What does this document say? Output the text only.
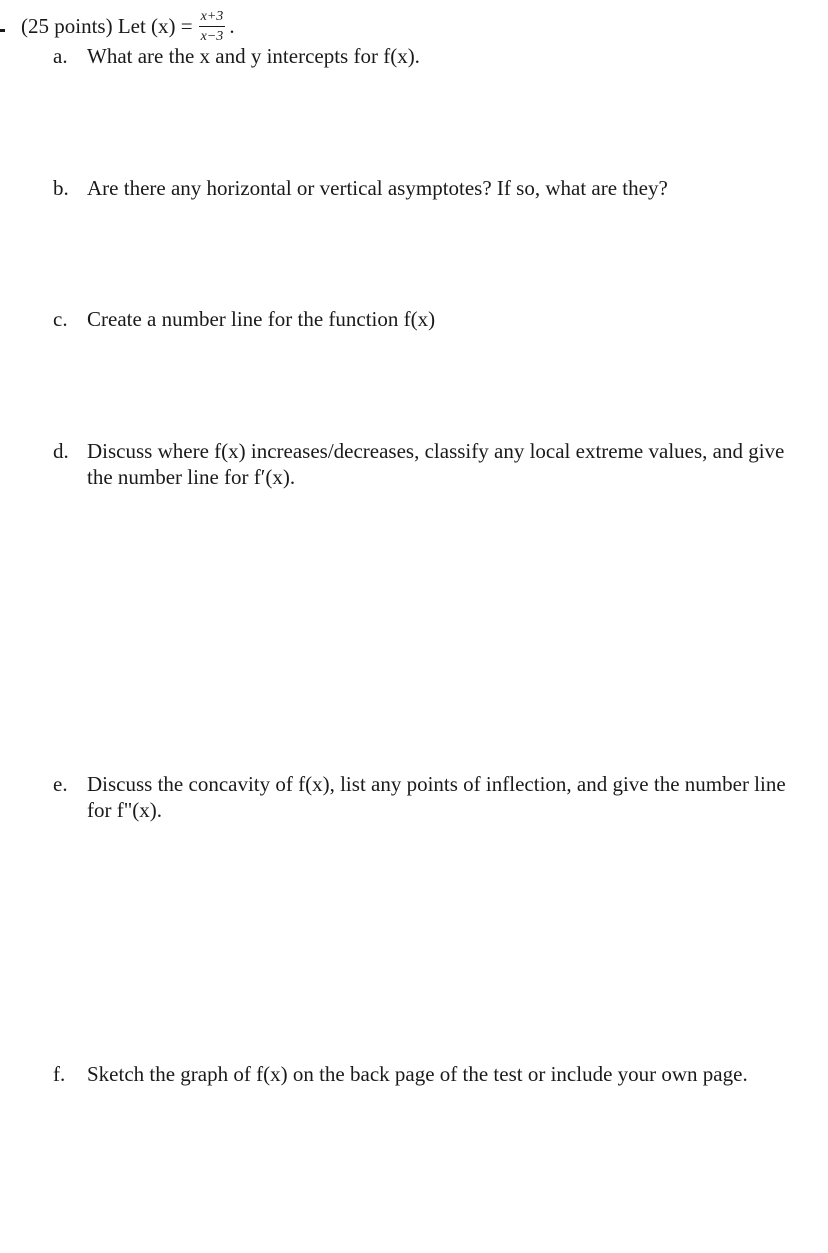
(25 points)
Let $(x) = \frac{x+3}{x-3}$ .
a. What are the x and y intercepts for f(x).
b. Are there any horizontal or vertical asymptotes? If so, what are they?
c. Create a number line for the function f(x)
d. Discuss where f(x) increases/decreases, classify any local extreme values, and give the number line for f′(x).
e. Discuss the concavity of f(x), list any points of inflection, and give the number line for f"(x).
f. Sketch the graph of f(x) on the back page of the test or include your own page.
